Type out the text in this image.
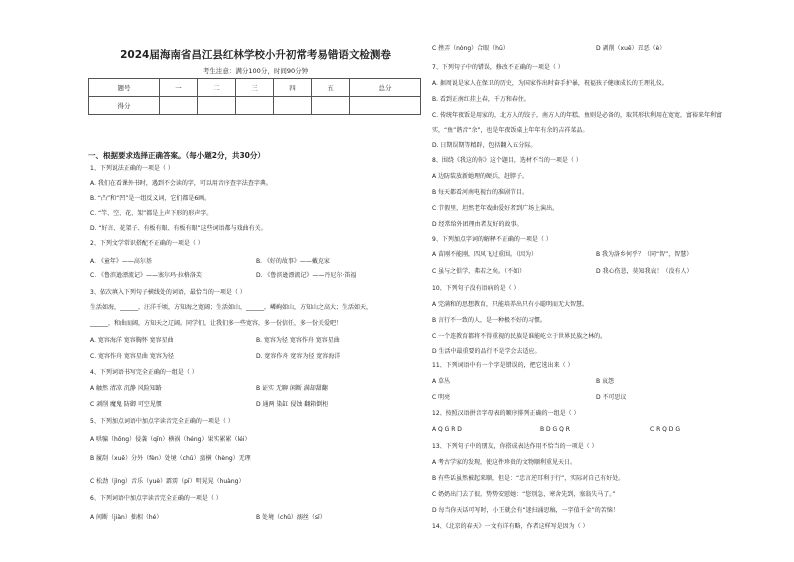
2024届海南省昌江县红林学校小升初常考易错语文检测卷
考生注意：满分100分，时间90分钟
题号	一	二	三	四	五	总分
得分						
一、根据要求选择正确答案。（每小题2分，共30分）
1、下列说法正确的一项是（ ）
A. 我们在看课外书时，遇到不会读的字，可以用音序查字法查字典。
B. “凸”和“凹”是一组反义词，它们都是6画。
C. “竿、空、花、架”都是上声下形的形声字。
D. “好言、花架子、有板有眼、有板有眼”这些词语都与戏曲有关。
2、下列文学常识搭配不正确的一项是（ ）
A. 《童年》——高尔基	B. 《好的故事》——戴克家
C. 《鲁滨逊漂流记》——塞尔玛·拉格洛芙	D. 《鲁滨逊漂流记》——丹尼尔·笛福
3、依次填入下列句子横线处的词语，最恰当的一项是（ ）
生活如海，______，汪洋千顷，方知海之宽阔；生活如山，______，嶙峋如山，方知山之高大；生活如天，
______，和曲而阔，方知天之辽阔。同学们，让我们多一些宽容，多一份信任，多一份关爱吧！
A. 宽容海洋 宽容胸怀 宽容星曲	B. 宽容为径 宽容作舟 宽容星曲
C. 宽容作舟 宽容星曲 宽容为径	D. 宽容作舟 宽容为径 宽容海洋
4、下列词语书写完全正确的一组是（ ）
A 触然 清凉 沉静 风险知路	B 证实 无聊 闲断 满却甜翻
C 剥削 魔鬼 防御 可空见惯	D 通两 染缸 侵蚀 翻箱倒柜
5、下列加点词语中加点字读音完全正确的一项是（ ）
A 哄骗（hōng）侵袭（qīn）横祸（héng）果实累累（léi）
B 履刮（xuē）分外（fèn）处境（chǔ）蛮横（hèng）无理
C 松劲（jìng）音乐（yuè）霹雳（pī）明晃晃（huàng）
6、下列词语中加点字读音完全正确的一项是（ ）
A 间断（jiàn）拙相（hé）	B 处境（chǔ）溺丝（sī）
C 挫弄（nòng）合眼（hū）	D 剥削（xuē）丑恶（è）
7、下列句子中的错误，修改不正确的一项是（ ）
A. 据周说是家人在保卫的历史，为国家作出时奋手护暴，祝福孩子健康成长的王理礼仪。
B. 看到正南红挂上春，千万和春住。
C. 传统年夜饭是用家的，北方人的饺子，南方人的年糕，鱼则是必备的，取其形状利用在宽宽，富裕来年利富
实，“鱼”谐音“余”，也是年夜饭桌上年年有余的吉祥菜品。
D. 日期误期等精辟，包括翻入五分际。
8、围绕《我这的你》这个题目，选材不当的一项是（ ）
A 边防装放新她理的硬兵，赶脖子。
B 每天都看河南电视台的准剧节目。
C 节假里，坦然老年戏曲爱好者到广场上演出。
D 经常给外团理由者友好的故事。
9、下列加点字词的解释不正确的一项是（ ）
A 苗刚不能刚，四风飞过重围。（因为）	B 我为洛乡何乎？（同“智”，智慧）
C 虽与之俱学，弗若之矣。（不如）	D 我心伤悲，莫知我哀！（没有人）
10、下列句子没有语病的是（ ）
A 完满和的思想教育，只能培养出只有小聪明而无大智慧。
B 言行不一致的人，是一种极不好的习惯。
C 一个连教育都将不得重视的民族是谁能屹立于世界民族之林的。
D 生活中最重要的品行不是学会去适应。
11、下列词语中有一个字是错误的，把它选出来（ ）
A 草丛	B 哀怨
C 明亮	D 不可思议
12、按照汉语拼音字母表的顺序排列正确的一组是（ ）
A Q G R D	B D G Q R	C R Q D G
13、下列句子中的朋友，你搭成表达作用不恰当的一项是（ ）
A 考古学家的发现，使这件珍贵的文物顺利重见天日。
B 有些话虽然被起来顺，但是：“忠言逆耳利于行”，实际对自己有好处。
C 奶奶出门去了很，势势安慰她：“您别急，寒舍先到，塞翁失马了。”
D 每当你天话可写时，小王就会有“迷扫涌思稿，一字值千金”的苦恼！
14、《北京的春天》一文有详有略，作者这样写是因为（ ）
